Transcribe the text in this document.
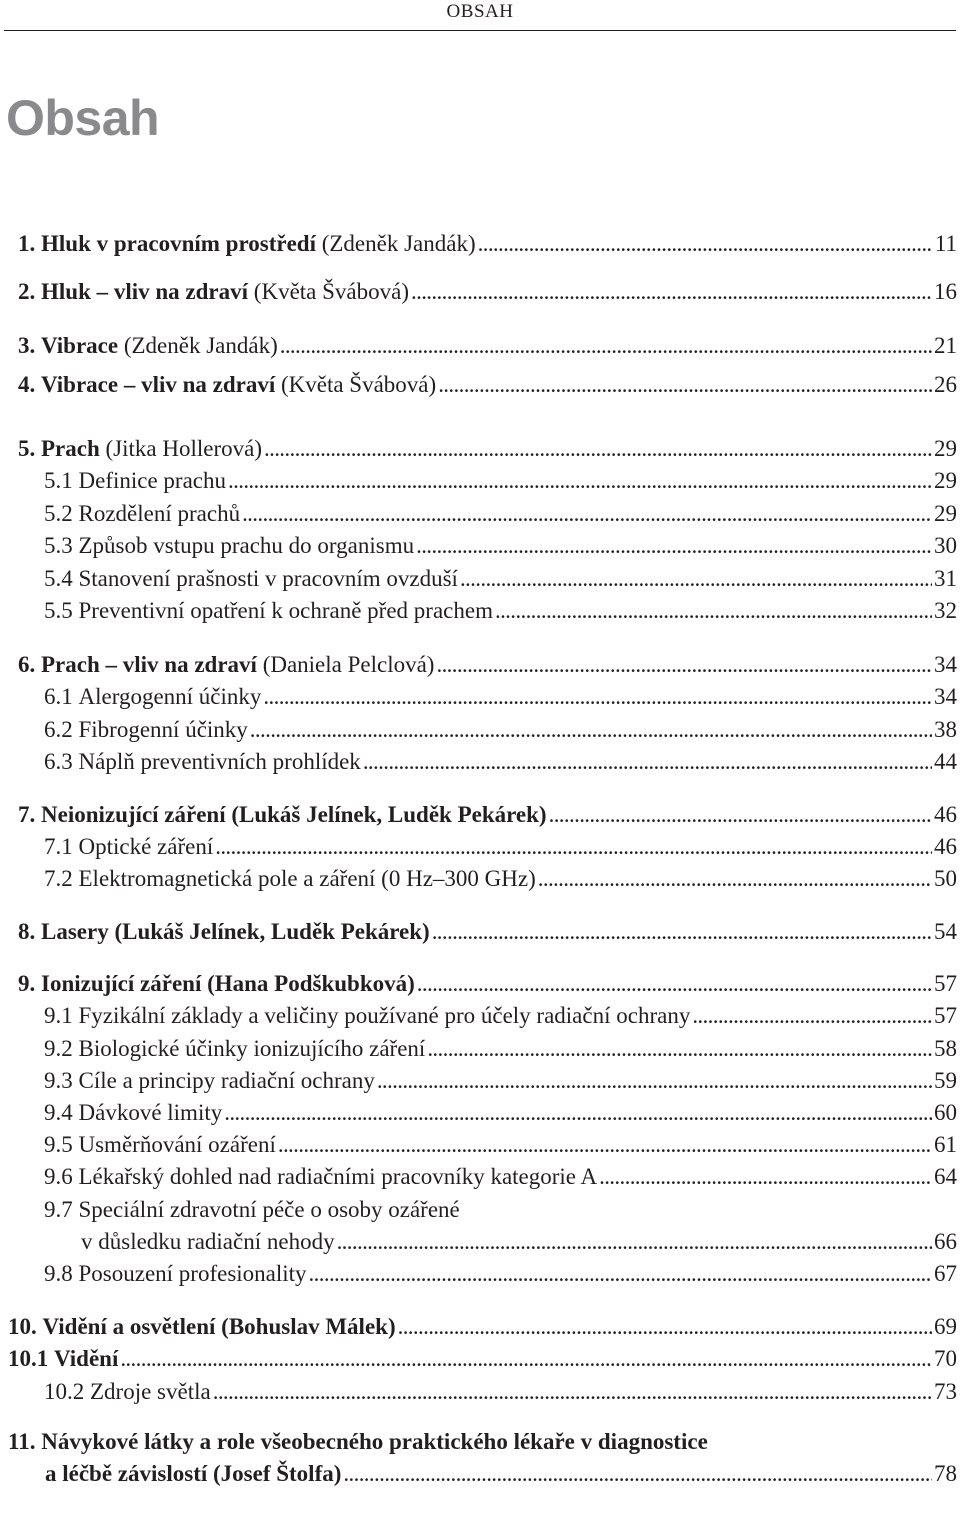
OBSAH
Obsah
1. Hluk v pracovním prostředí (Zdeněk Jandák) . . .	11
2. Hluk – vliv na zdraví (Květa Švábová) . . .	16
3. Vibrace (Zdeněk Jandák) . . .	21
4. Vibrace – vliv na zdraví (Květa Švábová) . . .	26
5. Prach (Jitka Hollerová) . . .	29
5.1 Definice prachu . . .	29
5.2 Rozdělení prachů . . .	29
5.3 Způsob vstupu prachu do organismu . . .	30
5.4 Stanovení prašnosti v pracovním ovzduší . . .	31
5.5 Preventivní opatření k ochraně před prachem . . .	32
6. Prach – vliv na zdraví (Daniela Pelclová) . . .	34
6.1 Alergogenní účinky . . .	34
6.2 Fibrogenní účinky . . .	38
6.3 Náplň preventivních prohlídek . . .	44
7. Neionizující záření (Lukáš Jelínek, Luděk Pekárek) . . .	46
7.1 Optické záření . . .	46
7.2 Elektromagnetická pole a záření (0 Hz–300 GHz) . . .	50
8. Lasery (Lukáš Jelínek, Luděk Pekárek) . . .	54
9. Ionizující záření (Hana Podškubková) . . .	57
9.1 Fyzikální základy a veličiny používané pro účely radiační ochrany . . .	57
9.2 Biologické účinky ionizujícího záření . . .	58
9.3 Cíle a principy radiační ochrany . . .	59
9.4 Dávkové limity . . .	60
9.5 Usměrňování ozáření . . .	61
9.6 Lékařský dohled nad radiačními pracovníky kategorie A . . .	64
9.7 Speciální zdravotní péče o osoby ozářené
v důsledku radiační nehody . . .	66
9.8 Posouzení profesionality . . .	67
10. Vidění a osvětlení (Bohuslav Málek) . . .	69
10.1 Vidění . . .	70
10.2 Zdroje světla . . .	73
11. Návykové látky a role všeobecného praktického lékaře v diagnostice
a léčbě závislostí (Josef Štolfa) . . .	78
